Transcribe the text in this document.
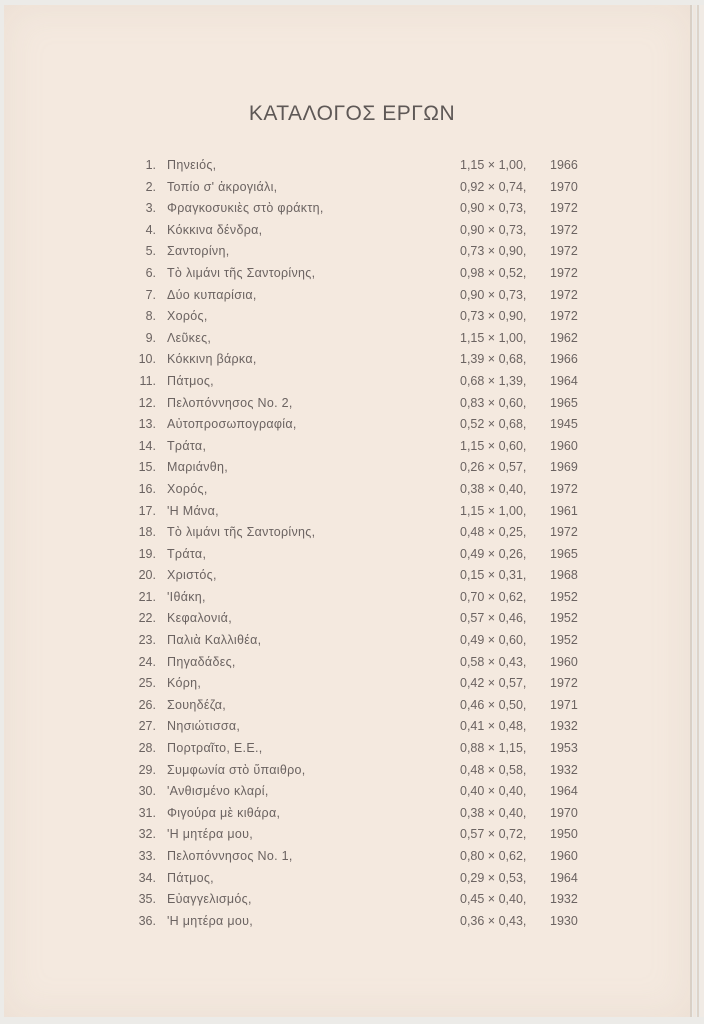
ΚΑΤΑΛΟΓΟΣ ΕΡΓΩΝ
1. Πηνειός,	1,15 × 1,00, 1966
2. Τοπίο σ' ἀκρογιάλι,	0,92 × 0,74, 1970
3. Φραγκοσυκιὲς στὸ φράκτη,	0,90 × 0,73, 1972
4. Κόκκινα δένδρα,	0,90 × 0,73, 1972
5. Σαντορίνη,	0,73 × 0,90, 1972
6. Τὸ λιμάνι τῆς Σαντορίνης,	0,98 × 0,52, 1972
7. Δύο κυπαρίσια,	0,90 × 0,73, 1972
8. Χορός,	0,73 × 0,90, 1972
9. Λεῦκες,	1,15 × 1,00, 1962
10. Κόκκινη βάρκα,	1,39 × 0,68, 1966
11. Πάτμος,	0,68 × 1,39, 1964
12. Πελοπόννησος Νο. 2,	0,83 × 0,60, 1965
13. Αὐτοπροσωπογραφία,	0,52 × 0,68, 1945
14. Τράτα,	1,15 × 0,60, 1960
15. Μαριάνθη,	0,26 × 0,57, 1969
16. Χορός,	0,38 × 0,40, 1972
17. 'Η Μάνα,	1,15 × 1,00, 1961
18. Τὸ λιμάνι τῆς Σαντορίνης,	0,48 × 0,25, 1972
19. Τράτα,	0,49 × 0,26, 1965
20. Χριστός,	0,15 × 0,31, 1968
21. 'Ιθάκη,	0,70 × 0,62, 1952
22. Κεφαλονιά,	0,57 × 0,46, 1952
23. Παλιὰ Καλλιθέα,	0,49 × 0,60, 1952
24. Πηγαδάδες,	0,58 × 0,43, 1960
25. Κόρη,	0,42 × 0,57, 1972
26. Σουηδέζα,	0,46 × 0,50, 1971
27. Νησιώτισσα,	0,41 × 0,48, 1932
28. Πορτραῖτο, Ε.Ε.,	0,88 × 1,15, 1953
29. Συμφωνία στὸ ὕπαιθρο,	0,48 × 0,58, 1932
30. 'Ανθισμένο κλαρί,	0,40 × 0,40, 1964
31. Φιγούρα μὲ κιθάρα,	0,38 × 0,40, 1970
32. 'Η μητέρα μου,	0,57 × 0,72, 1950
33. Πελοπόννησος Νο. 1,	0,80 × 0,62, 1960
34. Πάτμος,	0,29 × 0,53, 1964
35. Εὐαγγελισμός,	0,45 × 0,40, 1932
36. 'Η μητέρα μου,	0,36 × 0,43, 1930
